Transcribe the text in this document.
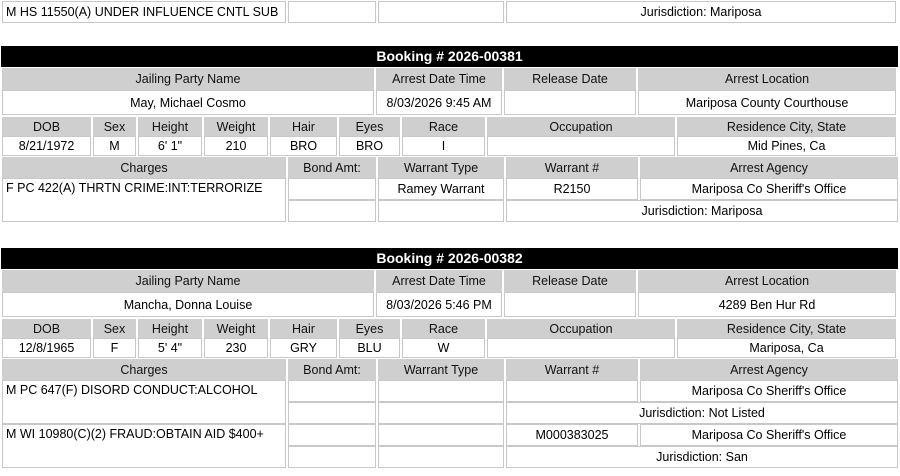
M HS 11550(A) UNDER INFLUENCE CNTL SUB			Jurisdiction: Mariposa
Booking # 2026-00381
Jailing Party Name	Arrest Date Time	Release Date	Arrest Location
May, Michael Cosmo	8/03/2026 9:45 AM		Mariposa County Courthouse
DOB	Sex	Height	Weight	Hair	Eyes	Race	Occupation	Residence City, State
8/21/1972	M	6' 1"	210	BRO	BRO	I		Mid Pines, Ca
Charges	Bond Amt:	Warrant Type	Warrant #	Arrest Agency
F PC 422(A) THRTN CRIME:INT:TERRORIZE		Ramey Warrant	R2150	Mariposa Co Sheriff's Office
			Jurisdiction: Mariposa	
Booking # 2026-00382
Jailing Party Name	Arrest Date Time	Release Date	Arrest Location
Mancha, Donna Louise	8/03/2026 5:46 PM		4289 Ben Hur Rd
DOB	Sex	Height	Weight	Hair	Eyes	Race	Occupation	Residence City, State
12/8/1965	F	5' 4"	230	GRY	BLU	W		Mariposa, Ca
Charges	Bond Amt:	Warrant Type	Warrant #	Arrest Agency
M PC 647(F) DISORD CONDUCT:ALCOHOL				Mariposa Co Sheriff's Office
			Jurisdiction: Not Listed	
M WI 10980(C)(2) FRAUD:OBTAIN AID $400+			M000383025	Mariposa Co Sheriff's Office
			Jurisdiction: San	
